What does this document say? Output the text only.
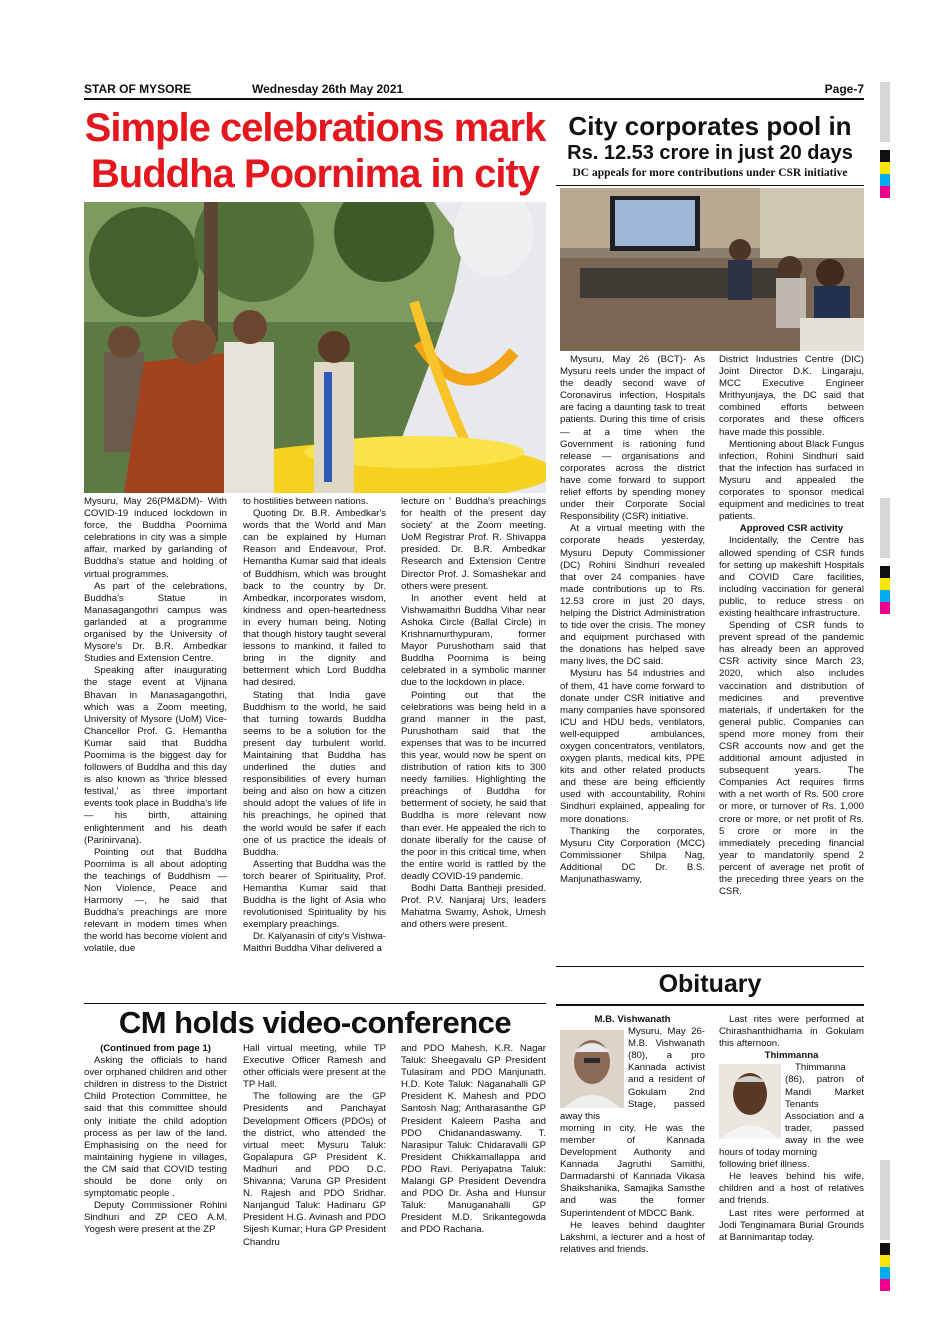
STAR OF MYSORE	Wednesday 26th May 2021	Page-7
Simple celebrations mark
Buddha Poornima in city
City corporates pool in
Rs. 12.53 crore in just 20 days
DC appeals for more contributions under CSR initiative

Mysuru, May 26(PM&DM)- With COVID-19 induced lockdown in force, the Buddha Poornima celebrations in city was a simple affair, marked by garlanding of Buddha's statue and holding of virtual programmes.

As part of the celebrations, Buddha's Statue in Manasagangothri campus was garlanded at a programme organised by the University of Mysore's Dr. B.R. Ambedkar Studies and Extension Centre.

Speaking after inaugurating the stage event at Vijnana Bhavan in Manasagangothri, which was a Zoom meeting, University of Mysore (UoM) Vice-Chancellor Prof. G. Hemantha Kumar said that Buddha Poornima is the biggest day for followers of Buddha and this day is also known as 'thrice blessed festival,' as three important events took place in Buddha's life — his birth, attaining enlightenment and his death (Parinirvana).

Pointing out that Buddha Poornima is all about adopting the teachings of Buddhism — Non Violence, Peace and Harmony —, he said that Buddha's preachings are more relevant in modern times when the world has become violent and volatile, due

to hostilities between nations.

Quoting Dr. B.R. Ambedkar's words that the World and Man can be explained by Human Reason and Endeavour, Prof. Hemantha Kumar said that ideals of Buddhism, which was brought back to the country by Dr. Ambedkar, incorporates wisdom, kindness and open-heartedness in every human being. Noting that though history taught several lessons to mankind, it failed to bring in the dignity and betterment which Lord Buddha had desired.

Stating that India gave Buddhism to the world, he said that turning towards Buddha seems to be a solution for the present day turbulent world. Maintaining that Buddha has underlined the duties and responsibilities of every human being and also on how a citizen should adopt the values of life in his preachings, he opined that the world would be safer if each one of us practice the ideals of Buddha.

Asserting that Buddha was the torch bearer of Spirituality, Prof. Hemantha Kumar said that Buddha is the light of Asia who revolutionised Spirituality by his exemplary preachings.

Dr. Kalyanasiri of city's Vishwa-Maithri Buddha Vihar delivered a

lecture on ' Buddha's preachings for health of the present day society' at the Zoom meeting. UoM Registrar Prof. R. Shivappa presided. Dr. B.R. Ambedkar Research and Extension Centre Director Prof. J. Somashekar and others were present.

In another event held at Vishwamaithri Buddha Vihar near Ashoka Circle (Ballal Circle) in Krishnamurthypuram, former Mayor Purushotham said that Buddha Poornima is being celebrated in a symbolic manner due to the lockdown in place.

Pointing out that the celebrations was being held in a grand manner in the past, Purushotham said that the expenses that was to be incurred this year, would now be spent on distribution of ration kits to 300 needy families. Highlighting the preachings of Buddha for betterment of society, he said that Buddha is more relevant now than ever. He appealed the rich to donate liberally for the cause of the poor in this critical time, when the entire world is rattled by the deadly COVID-19 pandemic.

Bodhi Datta Bantheji presided. Prof. P.V. Nanjaraj Urs, leaders Mahatma Swamy, Ashok, Umesh and others were present.

Mysuru, May 26 (BCT)- As Mysuru reels under the impact of the deadly second wave of Coronavirus infection, Hospitals are facing a daunting task to treat patients. During this time of crisis — at a time when the Government is rationing fund release — organisations and corporates across the district have come forward to support relief efforts by spending money under their Corporate Social Responsibility (CSR) initiative.

At a virtual meeting with the corporate heads yesterday, Mysuru Deputy Commissioner (DC) Rohini Sindhuri revealed that over 24 companies have made contributions up to Rs. 12.53 crore in just 20 days, helping the District Administration to tide over the crisis. The money and equipment purchased with the donations has helped save many lives, the DC said.

Mysuru has 54 industries and of them, 41 have come forward to donate under CSR initiative and many companies have sponsored ICU and HDU beds, ventilators, well-equipped ambulances, oxygen concentrators, ventilators, oxygen plants, medical kits, PPE kits and other related products and these are being efficiently used with accountability, Rohini Sindhuri explained, appealing for more donations.

Thanking the corporates, Mysuru City Corporation (MCC) Commissioner Shilpa Nag, Additional DC Dr. B.S. Manjunathaswamy,

District Industries Centre (DIC) Joint Director D.K. Lingaraju, MCC Executive Engineer Mrithyunjaya, the DC said that combined efforts between corporates and these officers have made this possible.

Mentioning about Black Fungus infection, Rohini Sindhuri said that the infection has surfaced in Mysuru and appealed the corporates to sponsor medical equipment and medicines to treat patients.

Approved CSR activity

Incidentally, the Centre has allowed spending of CSR funds for setting up makeshift Hospitals and COVID Care facilities, including vaccination for general public, to reduce stress on existing healthcare infrastructure.

Spending of CSR funds to prevent spread of the pandemic has already been an approved CSR activity since March 23, 2020, which also includes vaccination and distribution of medicines and preventive materials, if undertaken for the general public. Companies can spend more money from their CSR accounts now and get the additional amount adjusted in subsequent years. The Companies Act requires firms with a net worth of Rs. 500 crore or more, or turnover of Rs. 1,000 crore or more, or net profit of Rs. 5 crore or more in the immediately preceding financial year to mandatorily spend 2 percent of average net profit of the preceding three years on the CSR.

CM holds video-conference

(Continued from page 1)

Asking the officials to hand over orphaned children and other children in distress to the District Child Protection Committee, he said that this committee should only initiate the child adoption process as per law of the land. Emphasising on the need for maintaining hygiene in villages, the CM said that COVID testing should be done only on symptomatic people .

Deputy Commissioner Rohini Sindhuri and ZP CEO A.M. Yogesh were present at the ZP

Hall virtual meeting, while TP Executive Officer Ramesh and other officials were present at the TP Hall.

The following are the GP Presidents and Panchayat Development Officers (PDOs) of the district, who attended the virtual meet: Mysuru Taluk: Gopalapura GP President K. Madhuri and PDO D.C. Shivanna; Varuna GP President N. Rajesh and PDO Sridhar. Nanjangud Taluk: Hadinaru GP President H.G. Avinash and PDO Sijesh Kumar; Hura GP President Chandru

and PDO Mahesh. K.R. Nagar Taluk: Sheegavalu GP President Tulasiram and PDO Manjunath. H.D. Kote Taluk: Naganahalli GP President K. Mahesh and PDO Santosh Nag; Antharasanthe GP President Kaleem Pasha and PDO Chidanandaswamy. T. Narasipur Taluk: Chidaravalli GP President Chikkamallappa and PDO Ravi. Periyapatna Taluk: Malangi GP President Devendra and PDO Dr. Asha and Hunsur Taluk: Manuganahalli GP President M.D. Srikantegowda and PDO Rachana.

Obituary

M.B. Vishwanath

Mysuru, May 26- M.B. Vishwanath (80), a pro Kannada activist and a resident of Gokulam 2nd Stage, passed away this

morning in city. He was the member of Kannada Development Authority and Kannada Jagruthi Samithi, Darmadarshi of Kannada Vikasa Shaikshanika, Samajika Samsthe and was the former Superintendent of MDCC Bank.

He leaves behind daughter Lakshmi, a lecturer and a host of relatives and friends.

Last rites were performed at Chirashanthidhama in Gokulam this afternoon.

Thimmanna

Thimmanna (86), patron of Mandi Market Tenants Association and a trader, passed away in the wee hours of today morning

following brief illness.

He leaves behind his wife, children and a host of relatives and friends.

Last rites were performed at Jodi Tenginamara Burial Grounds at Bannimantap today.
